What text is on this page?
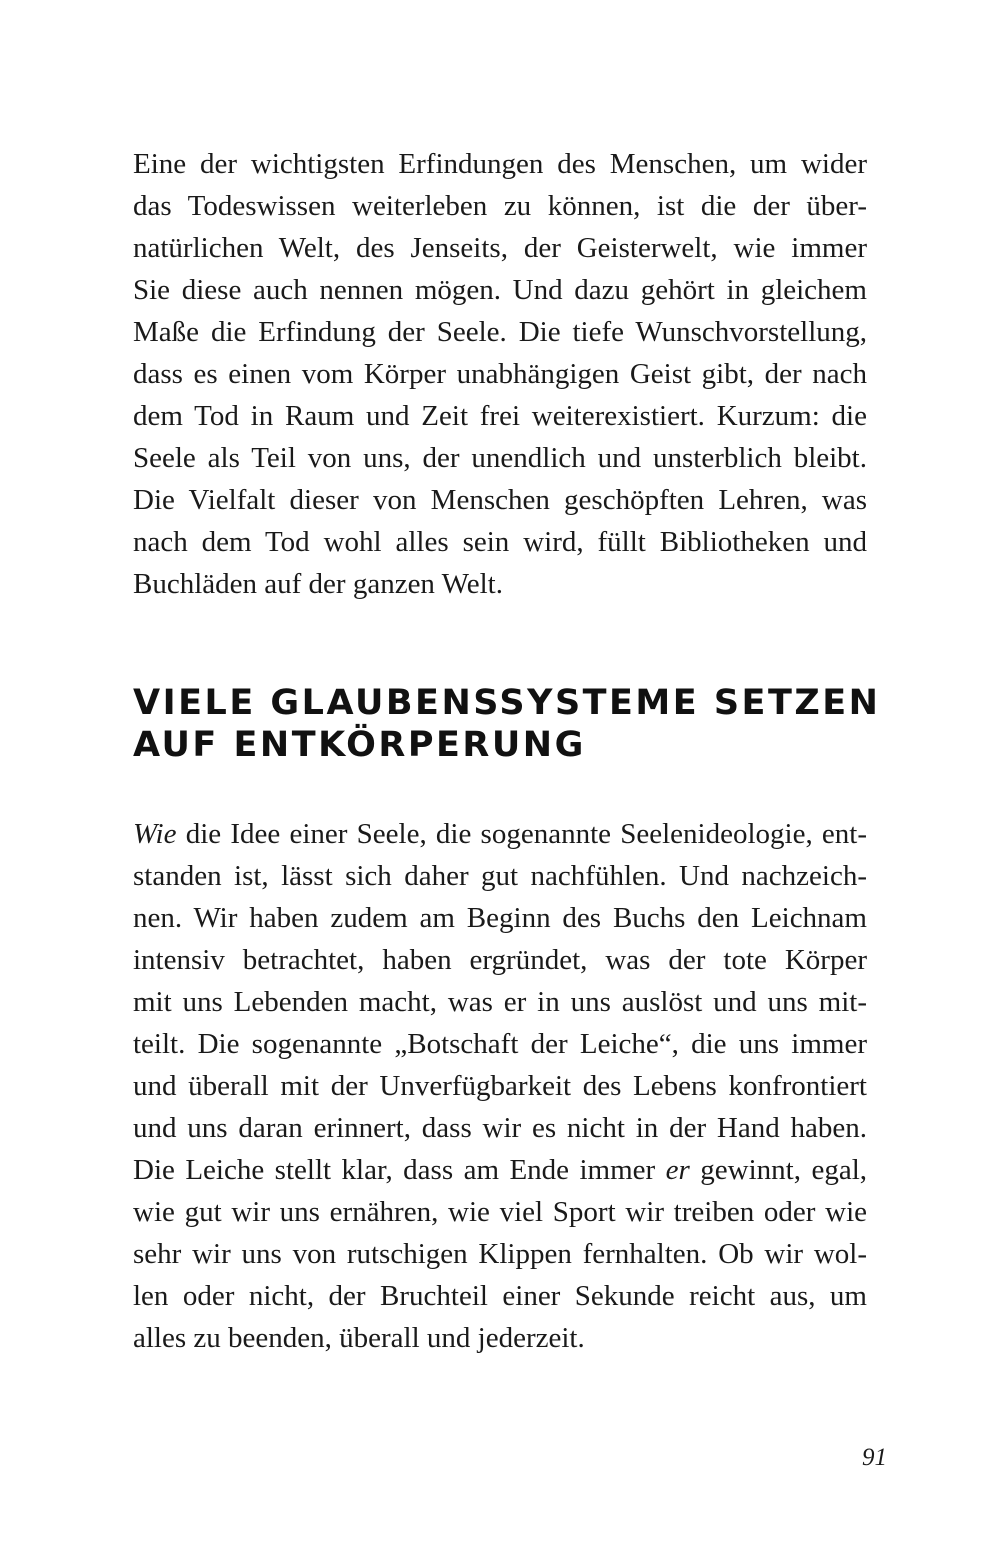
Eine der wichtigsten Erfindungen des Menschen, um wider
das Todeswissen weiterleben zu können, ist die der über-
natürlichen Welt, des Jenseits, der Geisterwelt, wie immer
Sie diese auch nennen mögen. Und dazu gehört in gleichem
Maße die Erfindung der Seele. Die tiefe Wunschvorstellung,
dass es einen vom Körper unabhängigen Geist gibt, der nach
dem Tod in Raum und Zeit frei weiterexistiert. Kurzum: die
Seele als Teil von uns, der unendlich und unsterblich bleibt.
Die Vielfalt dieser von Menschen geschöpften Lehren, was
nach dem Tod wohl alles sein wird, füllt Bibliotheken und
Buchläden auf der ganzen Welt.

VIELE GLAUBENSSYSTEME SETZEN
AUF ENTKÖRPERUNG

Wie die Idee einer Seele, die sogenannte Seelenideologie, ent-
standen ist, lässt sich daher gut nachfühlen. Und nachzeich-
nen. Wir haben zudem am Beginn des Buchs den Leichnam
intensiv betrachtet, haben ergründet, was der tote Körper
mit uns Lebenden macht, was er in uns auslöst und uns mit-
teilt. Die sogenannte „Botschaft der Leiche“, die uns immer
und überall mit der Unverfügbarkeit des Lebens konfrontiert
und uns daran erinnert, dass wir es nicht in der Hand haben.
Die Leiche stellt klar, dass am Ende immer er gewinnt, egal,
wie gut wir uns ernähren, wie viel Sport wir treiben oder wie
sehr wir uns von rutschigen Klippen fernhalten. Ob wir wol-
len oder nicht, der Bruchteil einer Sekunde reicht aus, um
alles zu beenden, überall und jederzeit.

91
